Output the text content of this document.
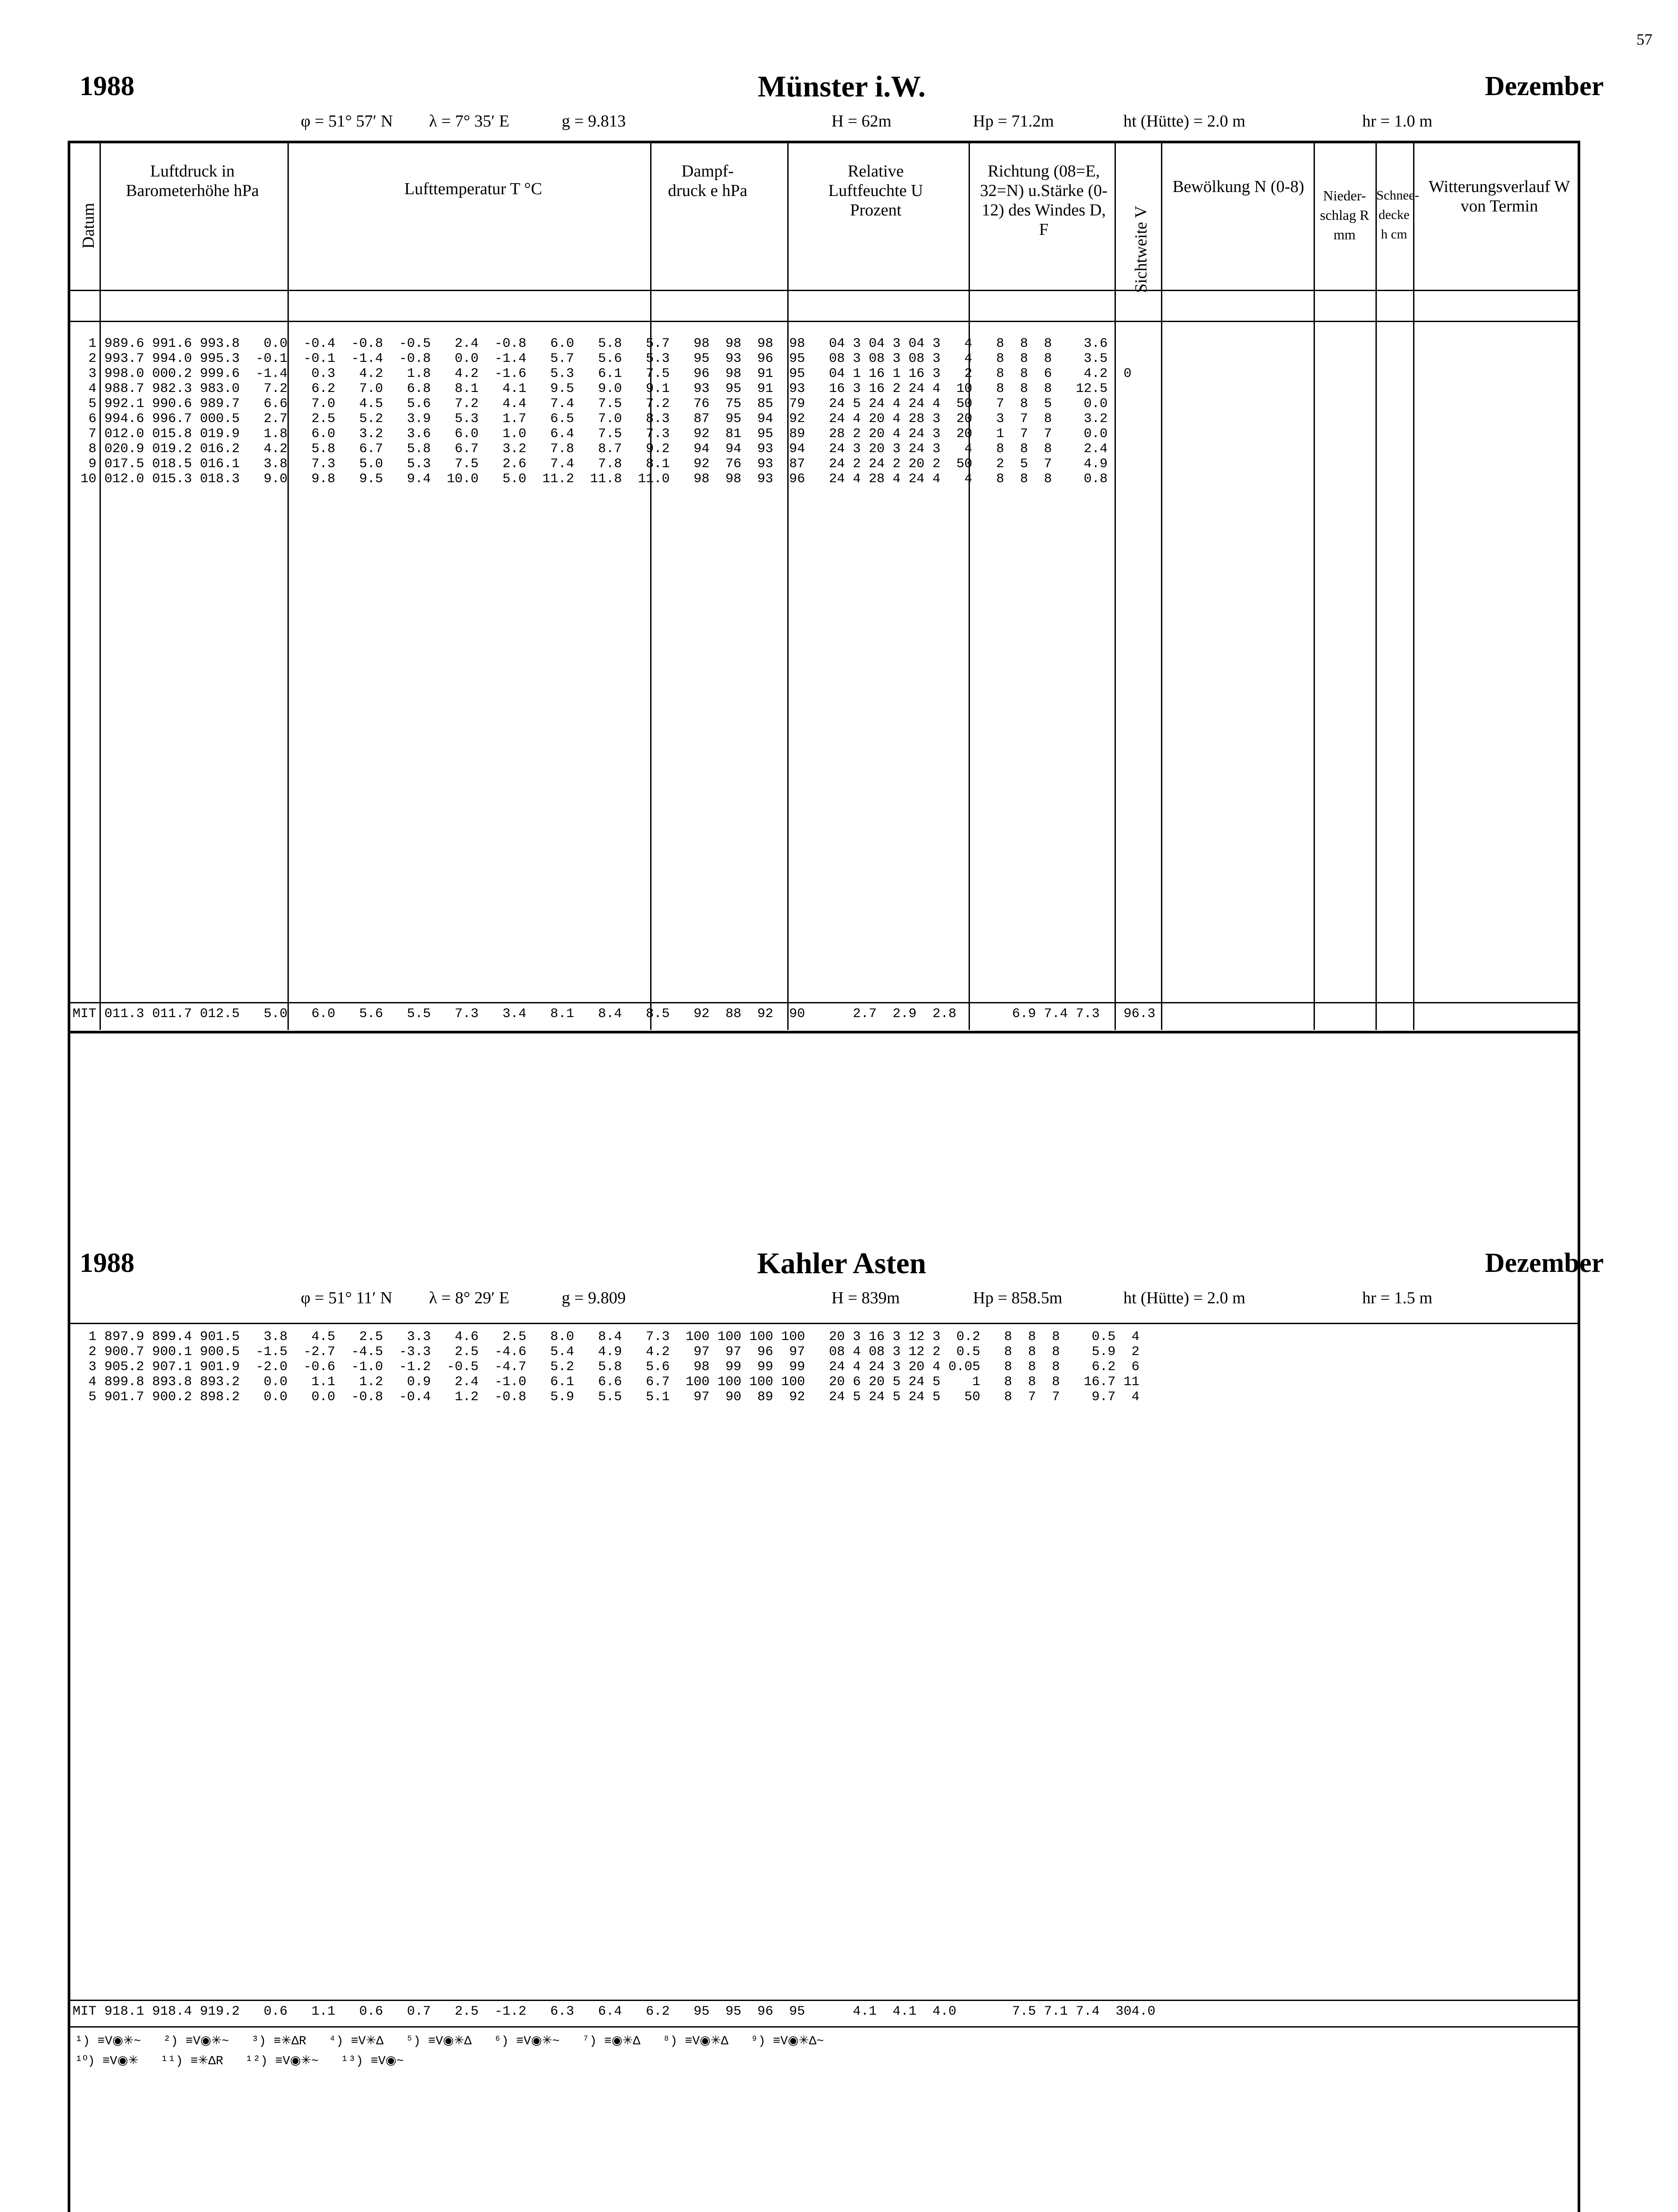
57
1988	Münster i.W.	Dezember
φ = 51° 57′ N λ = 7° 35′ E	g = 9.813	H = 62m	Hp = 71.2m	ht (Hütte) = 2.0 m	hr = 1.0 m
Datum
Luftdruck in Barometerhöhe hPa	Lufttemperatur T °C
Dampf- druck e hPa
Relative Luftfeuchte U Prozent
Richtung (08=E, 32=N) u.Stärke (0-12) des Windes D, F	Sichtweite V
Bewölkung N (0-8)	Nieder- schlag R mm
Schnee- decke h cm
Witterungsverlauf W von Termin
1 989.6 991.6 993.8   0.0  -0.4  -0.8  -0.5   2.4  -0.8   6.0   5.8   5.7   98  98  98  98   04 3 04 3 04 3   4   8  8  8    3.6
2 993.7 994.0 995.3  -0.1  -0.1  -1.4  -0.8   0.0  -1.4   5.7   5.6   5.3   95  93  96  95   08 3 08 3 08 3   4   8  8  8    3.5
3 998.0 000.2 999.6  -1.4   0.3   4.2   1.8   4.2  -1.6   5.3   6.1   7.5   96  98  91  95   04 1 16 1 16 3   2   8  8  6    4.2  0
4 988.7 982.3 983.0   7.2   6.2   7.0   6.8   8.1   4.1   9.5   9.0   9.1   93  95  91  93   16 3 16 2 24 4  10   8  8  8   12.5
5 992.1 990.6 989.7   6.6   7.0   4.5   5.6   7.2   4.4   7.4   7.5   7.2   76  75  85  79   24 5 24 4 24 4  50   7  8  5    0.0

6 994.6 996.7 000.5   2.7   2.5   5.2   3.9   5.3   1.7   6.5   7.0   8.3   87  95  94  92   24 4 20 4 28 3  20   3  7  8    3.2
7 012.0 015.8 019.9   1.8   6.0   3.2   3.6   6.0   1.0   6.4   7.5   7.3   92  81  95  89   28 2 20 4 24 3  20   1  7  7    0.0
8 020.9 019.2 016.2   4.2   5.8   6.7   5.8   6.7   3.2   7.8   8.7   9.2   94  94  93  94   24 3 20 3 24 3   4   8  8  8    2.4
9 017.5 018.5 016.1   3.8   7.3   5.0   5.3   7.5   2.6   7.4   7.8   8.1   92  76  93  87   24 2 24 2 20 2  50   2  5  7    4.9
10 012.0 015.3 018.3   9.0   9.8   9.5   9.4  10.0   5.0  11.2  11.8  11.0   98  98  93  96   24 4 28 4 24 4   4   8  8  8    0.8
MIT 011.3 011.7 012.5   5.0   6.0   5.6   5.5   7.3   3.4   8.1   8.4   8.5   92  88  92  90      2.7  2.9  2.8       6.9 7.4 7.3   96.3
1988	Kahler Asten	Dezember
φ = 51° 11′ N λ = 8° 29′ E	g = 9.809	H = 839m	Hp = 858.5m	ht (Hütte) = 2.0 m	hr = 1.5 m
1 897.9 899.4 901.5   3.8   4.5   2.5   3.3   4.6   2.5   8.0   8.4   7.3  100 100 100 100   20 3 16 3 12 3  0.2   8  8  8    0.5  4
2 900.7 900.1 900.5  -1.5  -2.7  -4.5  -3.3   2.5  -4.6   5.4   4.9   4.2   97  97  96  97   08 4 08 3 12 2  0.5   8  8  8    5.9  2
3 905.2 907.1 901.9  -2.0  -0.6  -1.0  -1.2  -0.5  -4.7   5.2   5.8   5.6   98  99  99  99   24 4 24 3 20 4 0.05   8  8  8    6.2  6
4 899.8 893.8 893.2   0.0   1.1   1.2   0.9   2.4  -1.0   6.1   6.6   6.7  100 100 100 100   20 6 20 5 24 5    1   8  8  8   16.7 11
5 901.7 900.2 898.2   0.0   0.0  -0.8  -0.4   1.2  -0.8   5.9   5.5   5.1   97  90  89  92   24 5 24 5 24 5   50   8  7  7    9.7  4
MIT 918.1 918.4 919.2   0.6   1.1   0.6   0.7   2.5  -1.2   6.3   6.4   6.2   95  95  96  95      4.1  4.1  4.0       7.5 7.1 7.4  304.0
¹) ≡V◉✳~   ²) ≡V◉✳~   ³) ≡✳ΔR   ⁴) ≡V✳Δ   ⁵) ≡V◉✳Δ   ⁶) ≡V◉✳~   ⁷) ≡◉✳Δ   ⁸) ≡V◉✳Δ   ⁹) ≡V◉✳Δ~
¹⁰) ≡V◉✳   ¹¹) ≡✳ΔR   ¹²) ≡V◉✳~   ¹³) ≡V◉~
